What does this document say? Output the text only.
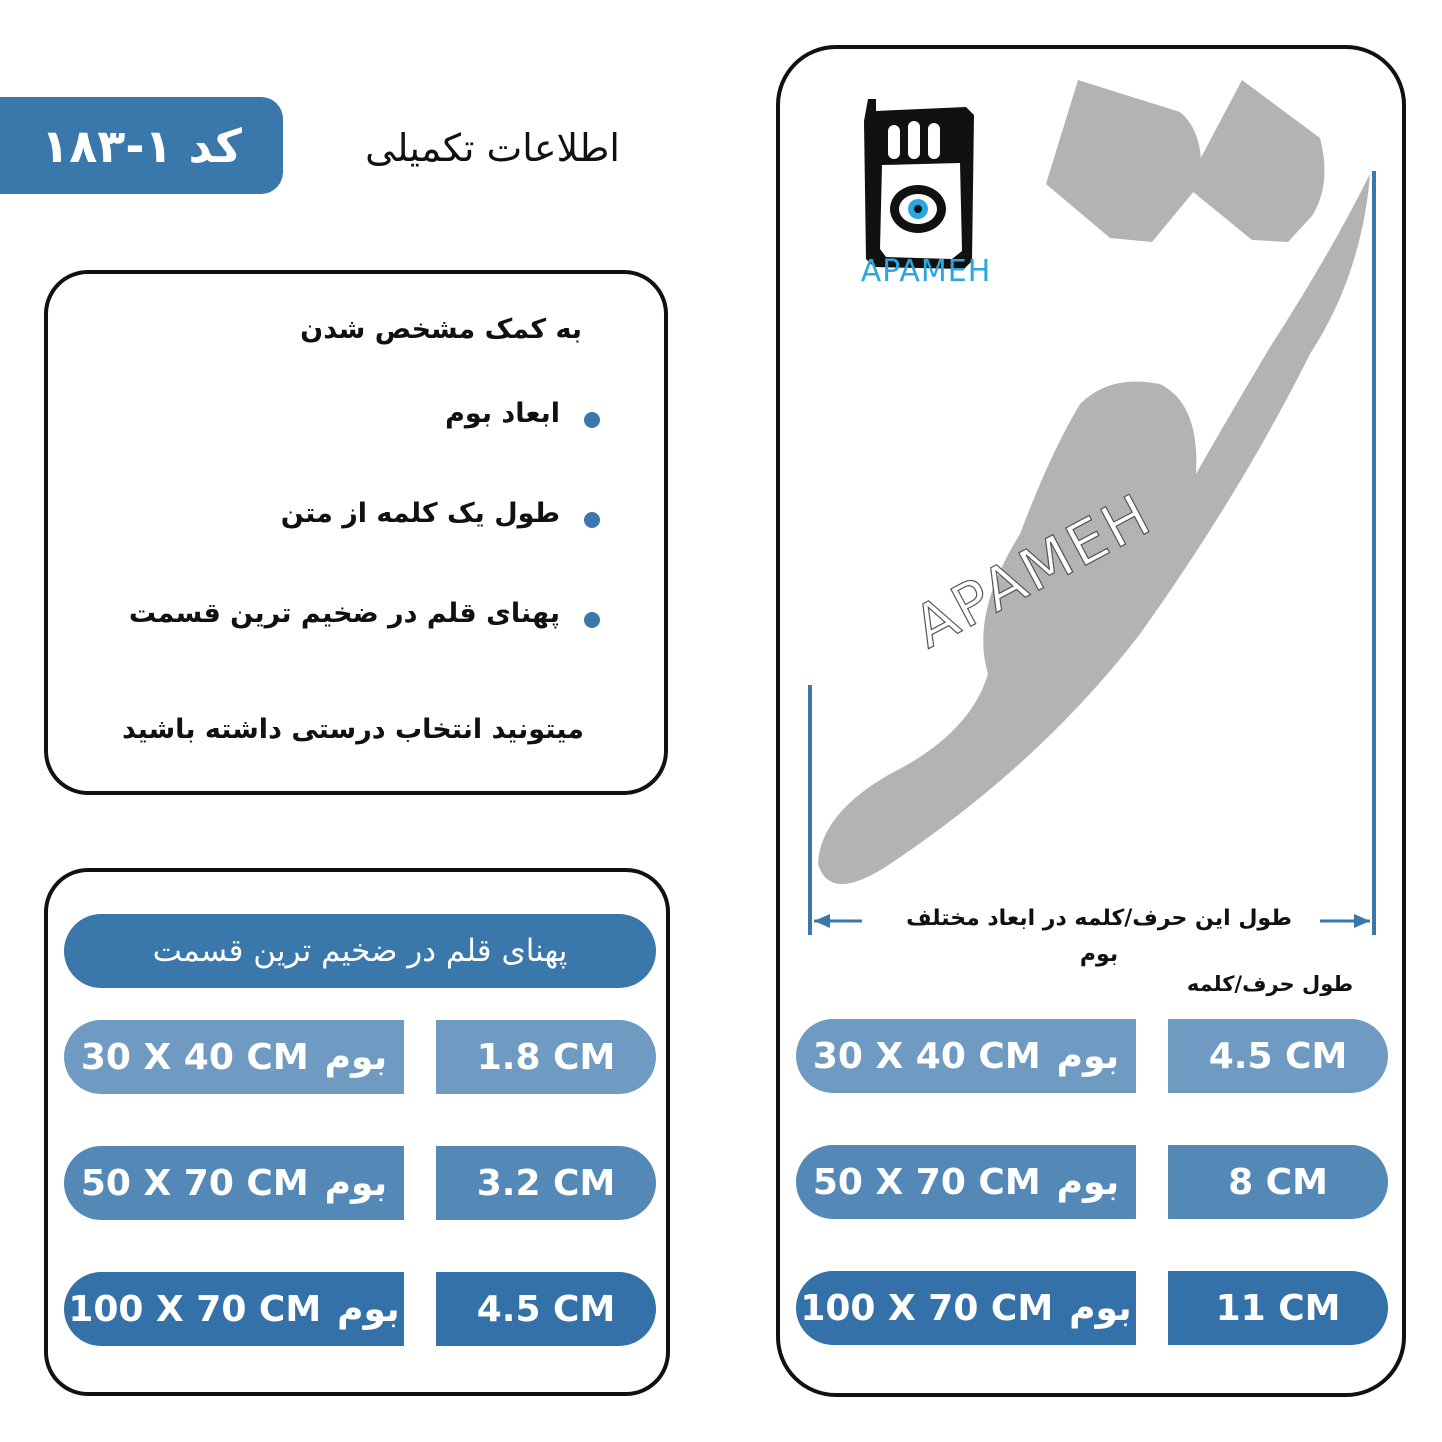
کد ۱-۱۸۳	اطلاعات تکمیلی
به کمک مشخص شدن
ابعاد بوم
طول یک کلمه از متن
پهنای قلم در ضخیم ترین قسمت
میتونید انتخاب درستی داشته باشید
پهنای قلم در ضخیم ترین قسمت
30 X 40 CM بوم 1.8 CM
50 X 70 CM بوم 3.2 CM
100 X 70 CM بوم 4.5 CM
APAMEH
APAMEH
طول این حرف/کلمه در ابعاد مختلف بوم
طول حرف/کلمه
30 X 40 CM بوم 4.5 CM
50 X 70 CM بوم	8 CM
100 X 70 CM بوم 11 CM
